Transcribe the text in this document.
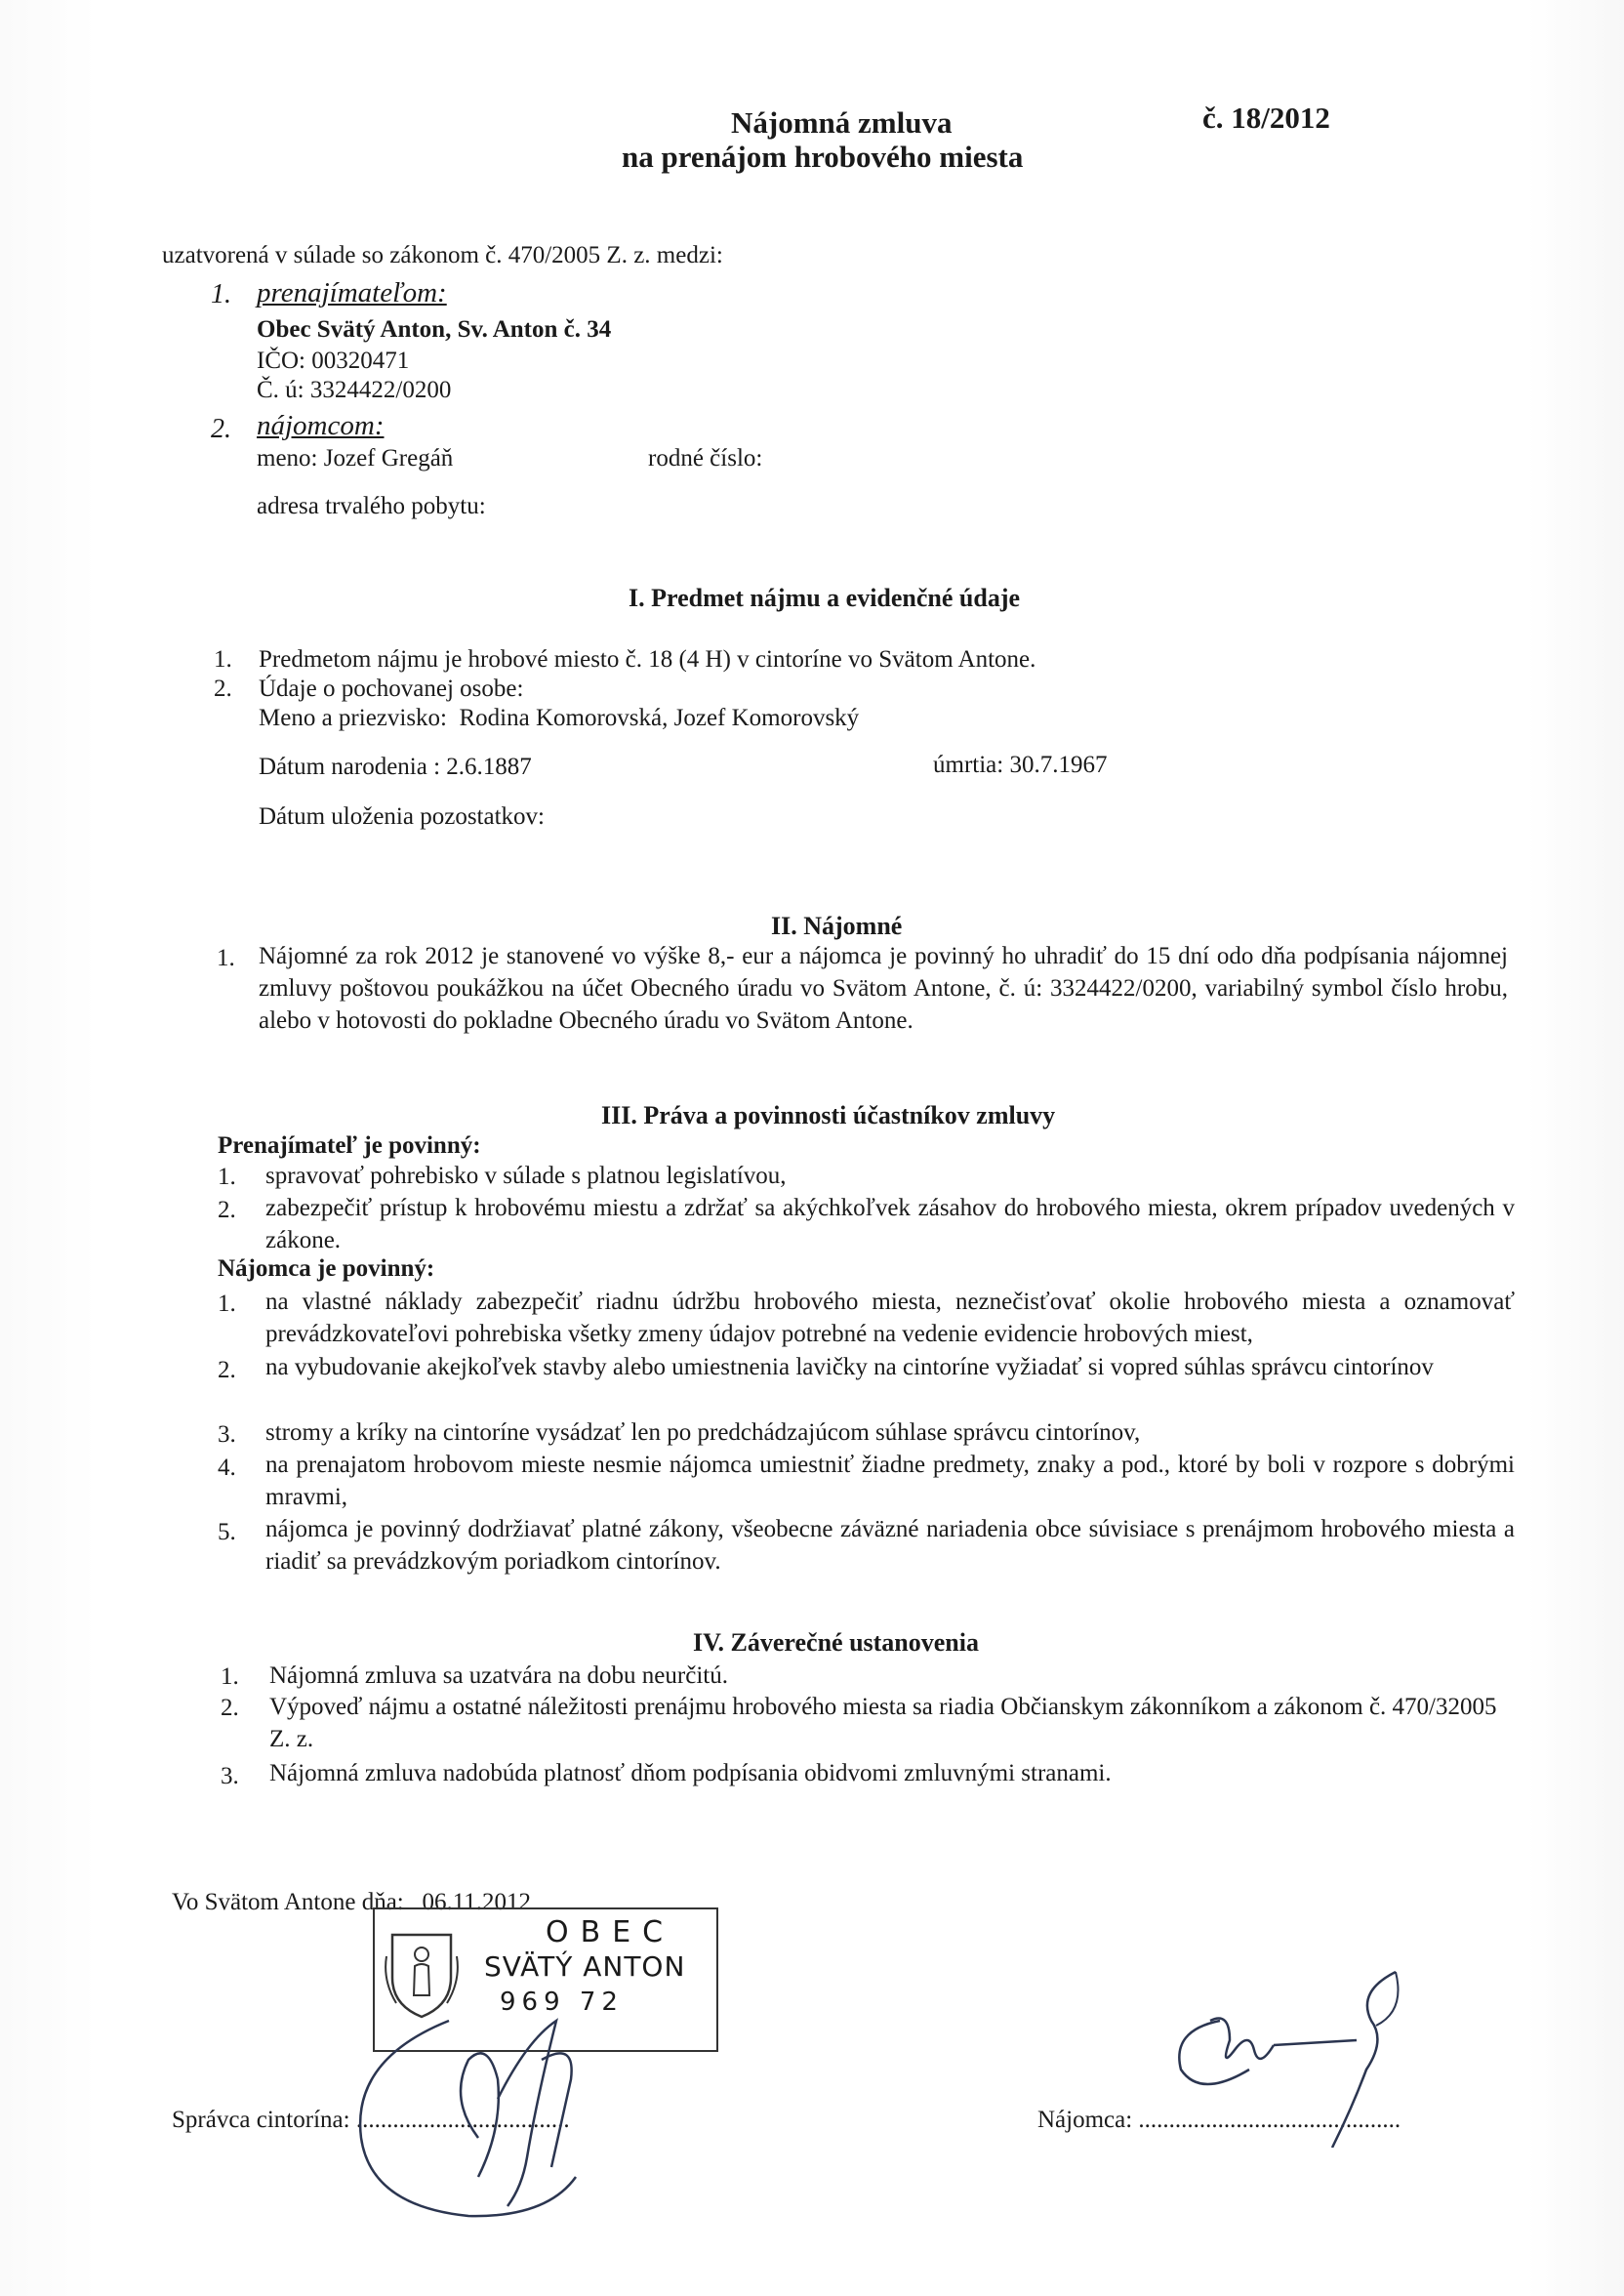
Nájomná zmluva
na prenájom hrobového miesta
č. 18/2012
uzatvorená v súlade so zákonom č. 470/2005 Z. z. medzi:
1. prenajímateľom:
Obec Svätý Anton, Sv. Anton č. 34
IČO: 00320471
Č. ú: 3324422/0200
2. nájomcom:
meno: Jozef Gregáň	rodné číslo:
adresa trvalého pobytu:
I. Predmet nájmu a evidenčné údaje
1. Predmetom nájmu je hrobové miesto č. 18 (4 H) v cintoríne vo Svätom Antone.
2. Údaje o pochovanej osobe:
Meno a priezvisko:  Rodina Komorovská, Jozef Komorovský
Dátum narodenia : 2.6.1887	úmrtia: 30.7.1967
Dátum uloženia pozostatkov:
II. Nájomné
1. Nájomné za rok 2012 je stanovené vo výške 8,- eur a nájomca je povinný ho uhradiť do 15 dní odo dňa podpísania nájomnej zmluvy poštovou poukážkou na účet Obecného úradu vo Svätom Antone, č. ú: 3324422/0200, variabilný symbol číslo hrobu, alebo v hotovosti do pokladne Obecného úradu vo Svätom Antone.
III. Práva a povinnosti účastníkov zmluvy
Prenajímateľ je povinný:
1. spravovať pohrebisko v súlade s platnou legislatívou,
2. zabezpečiť prístup k hrobovému miestu a zdržať sa akýchkoľvek zásahov do hrobového miesta, okrem prípadov uvedených v zákone.
Nájomca je povinný:
1. na vlastné náklady zabezpečiť riadnu údržbu hrobového miesta, neznečisťovať okolie hrobového miesta a oznamovať prevádzkovateľovi pohrebiska všetky zmeny údajov potrebné na vedenie evidencie hrobových miest,
2. na vybudovanie akejkoľvek stavby alebo umiestnenia lavičky na cintoríne vyžiadať si vopred súhlas správcu cintorínov
3. stromy a kríky na cintoríne vysádzať len po predchádzajúcom súhlase správcu cintorínov,
4. na prenajatom hrobovom mieste nesmie nájomca umiestniť žiadne predmety, znaky a pod., ktoré by boli v rozpore s dobrými mravmi,
5. nájomca je povinný dodržiavať platné zákony, všeobecne záväzné nariadenia obce súvisiace s prenájmom hrobového miesta a riadiť sa prevádzkovým poriadkom cintorínov.
IV. Záverečné ustanovenia
1. Nájomná zmluva sa uzatvára na dobu neurčitú.
2. Výpoveď nájmu a ostatné náležitosti prenájmu hrobového miesta sa riadia Občianskym zákonníkom a zákonom č. 470/32005 Z. z.
3. Nájomná zmluva nadobúda platnosť dňom podpísania obidvomi zmluvnými stranami.
Vo Svätom Antone dňa:   06.11.2012
OBEC
SVÄTÝ ANTON
969 72
Správca cintorína: ...................................	Nájomca: ...........................................
